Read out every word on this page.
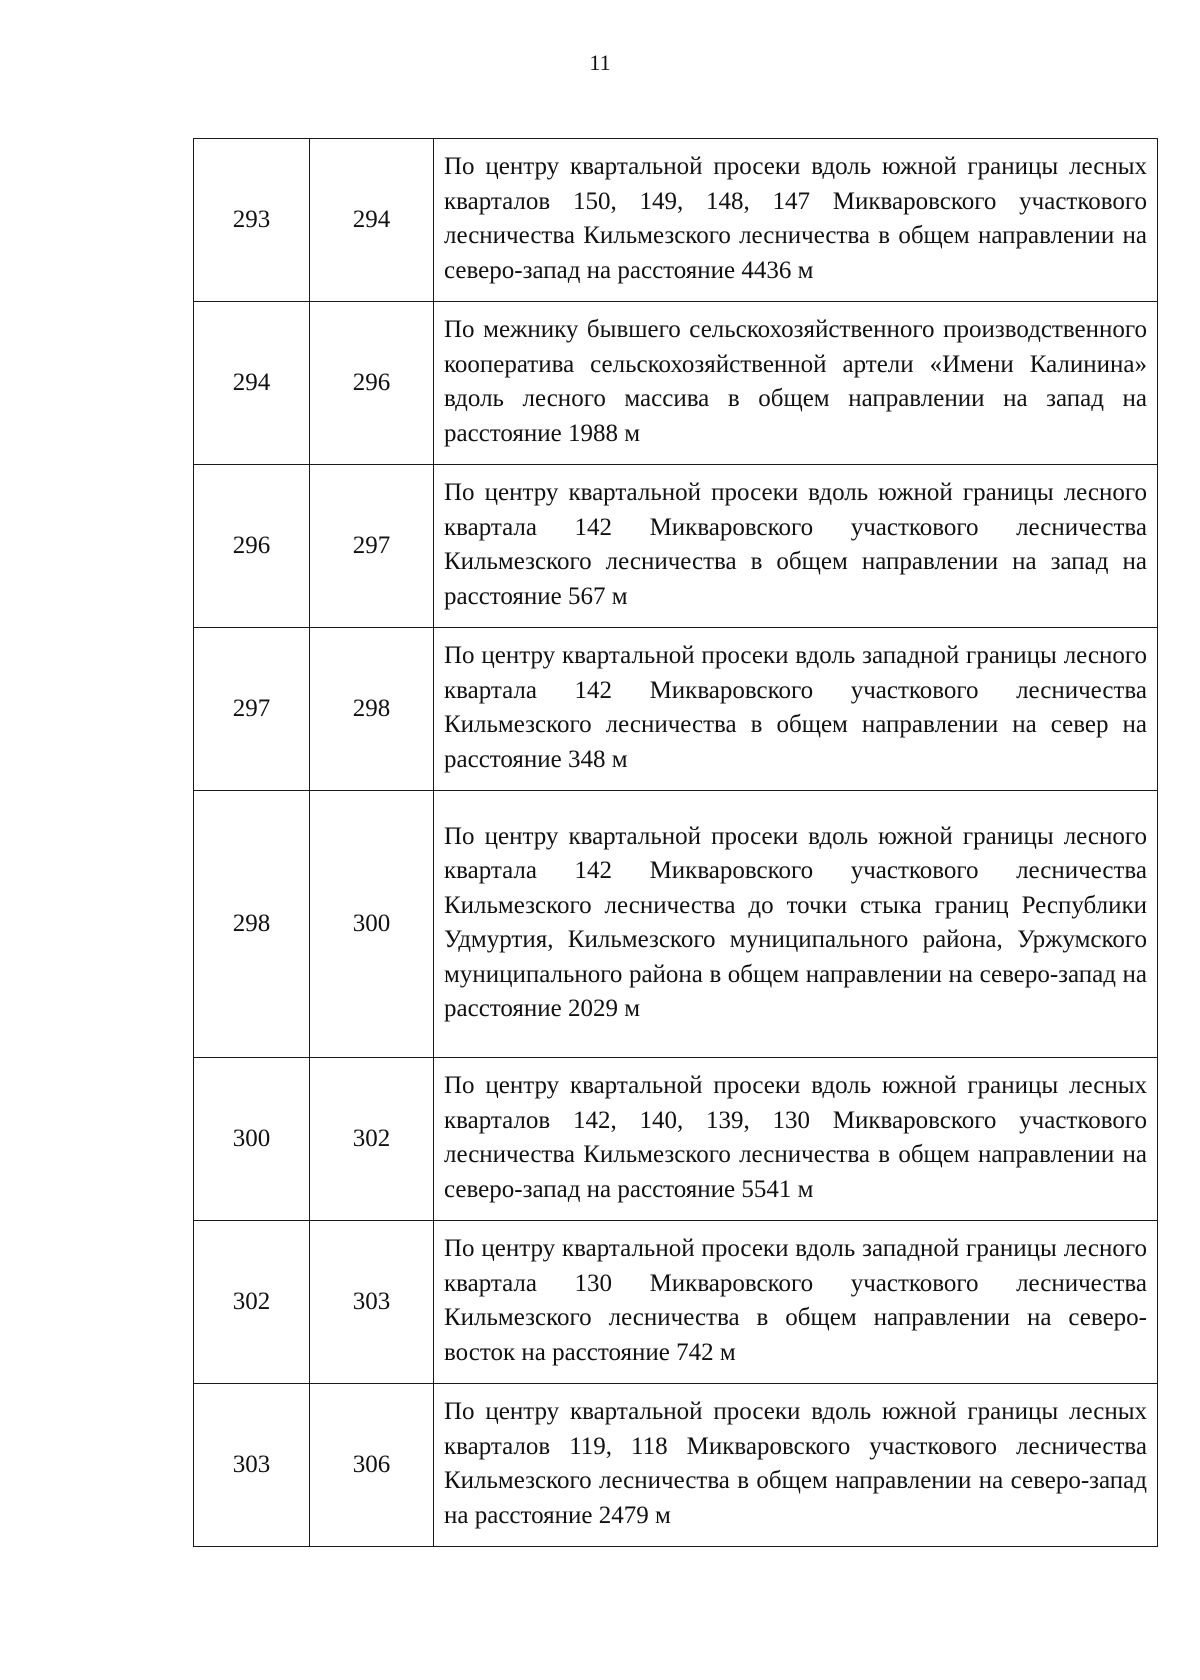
11
293	294	По центру квартальной просеки вдоль южной границы лесных кварталов 150, 149, 148, 147 Микваровского участкового лесничества Кильмезского лесничества в общем направлении на северо-запад на расстояние 4436 м
294	296	По межнику бывшего сельскохозяйственного производственного кооператива сельскохозяйственной артели «Имени Калинина» вдоль лесного массива в общем направлении на запад на расстояние 1988 м
296	297	По центру квартальной просеки вдоль южной границы лесного квартала 142 Микваровского участкового лесничества Кильмезского лесничества в общем направлении на запад на расстояние 567 м
297	298	По центру квартальной просеки вдоль западной границы лесного квартала 142 Микваровского участкового лесничества Кильмезского лесничества в общем направлении на север на расстояние 348 м
298	300	По центру квартальной просеки вдоль южной границы лесного квартала 142 Микваровского участкового лесничества Кильмезского лесничества до точки стыка границ Республики Удмуртия, Кильмезского муниципального района, Уржумского муниципального района в общем направлении на северо-запад на расстояние 2029 м
300	302	По центру квартальной просеки вдоль южной границы лесных кварталов 142, 140, 139, 130 Микваровского участкового лесничества Кильмезского лесничества в общем направлении на северо-запад на расстояние 5541 м
302	303	По центру квартальной просеки вдоль западной границы лесного квартала 130 Микваровского участкового лесничества Кильмезского лесничества в общем направлении на северо-восток на расстояние 742 м
303	306	По центру квартальной просеки вдоль южной границы лесных кварталов 119, 118 Микваровского участкового лесничества Кильмезского лесничества в общем направлении на северо-запад на расстояние 2479 м
